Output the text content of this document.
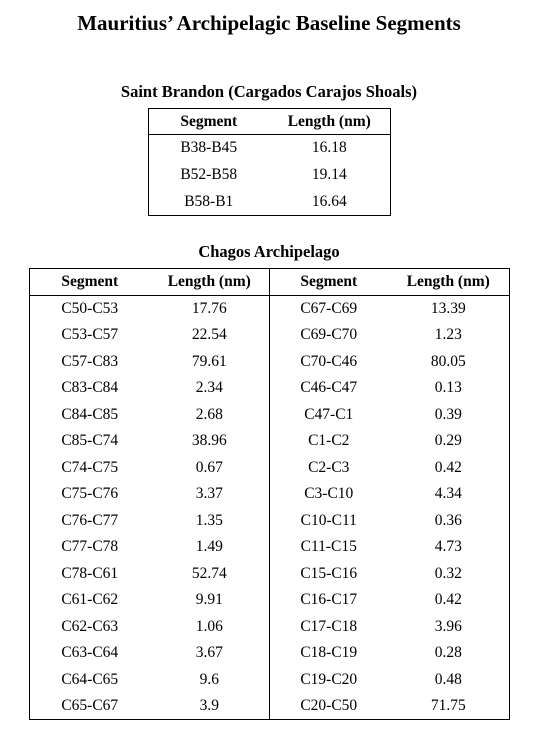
Mauritius’ Archipelagic Baseline Segments
Saint Brandon (Cargados Carajos Shoals)
Segment	Length (nm)
B38-B45	16.18
B52-B58	19.14
B58-B1	16.64
Chagos Archipelago
Segment	Length (nm)	Segment	Length (nm)
C50-C53	17.76	C67-C69	13.39
C53-C57	22.54	C69-C70	1.23
C57-C83	79.61	C70-C46	80.05
C83-C84	2.34	C46-C47	0.13
C84-C85	2.68	C47-C1	0.39
C85-C74	38.96	C1-C2	0.29
C74-C75	0.67	C2-C3	0.42
C75-C76	3.37	C3-C10	4.34
C76-C77	1.35	C10-C11	0.36
C77-C78	1.49	C11-C15	4.73
C78-C61	52.74	C15-C16	0.32
C61-C62	9.91	C16-C17	0.42
C62-C63	1.06	C17-C18	3.96
C63-C64	3.67	C18-C19	0.28
C64-C65	9.6	C19-C20	0.48
C65-C67	3.9	C20-C50	71.75
